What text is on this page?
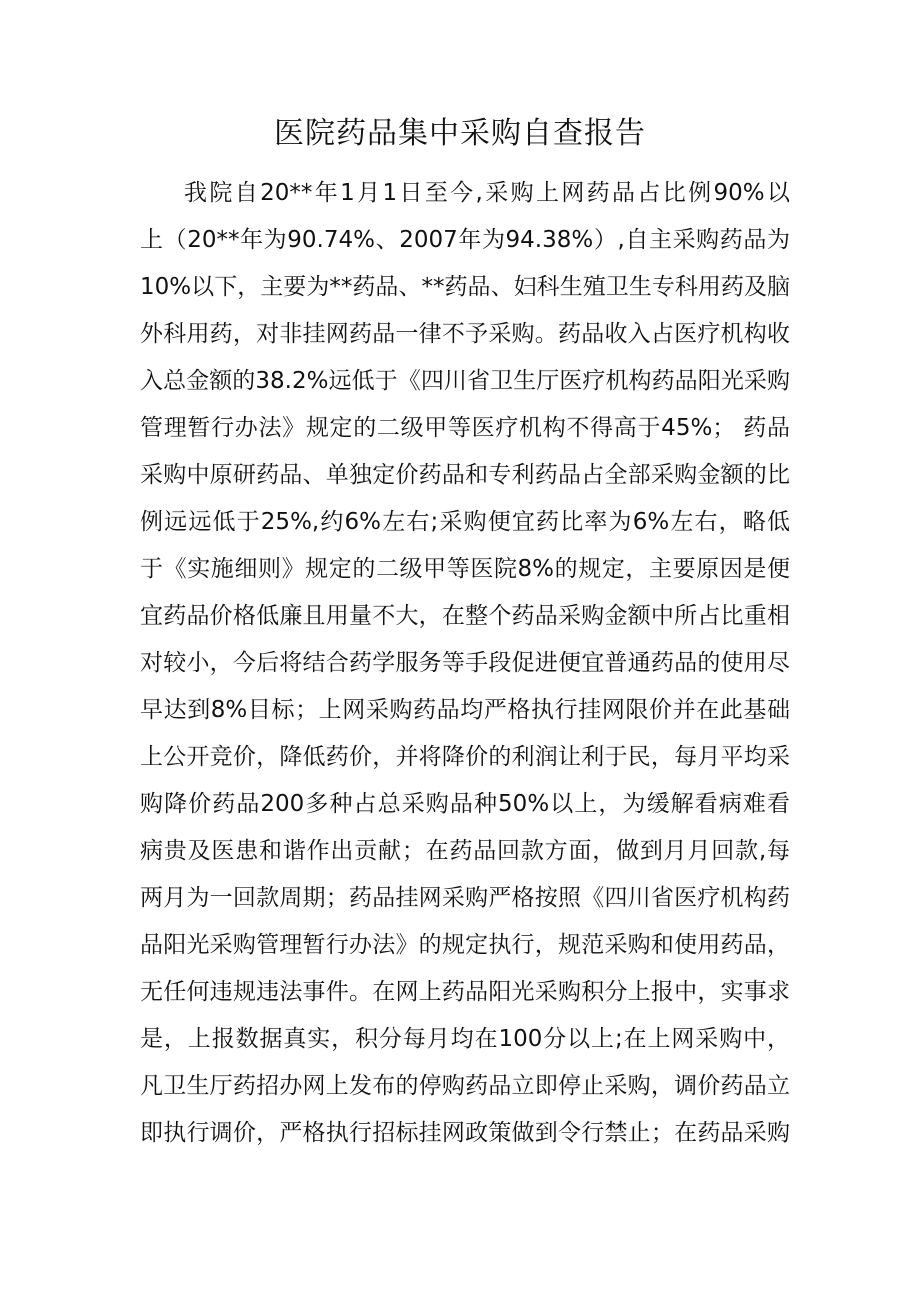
医院药品集中采购自查报告
我院自20**年1月1日至今,采购上网药品占比例90%以
上（20**年为90.74%、2007年为94.38%）,自主采购药品为
10%以下，主要为**药品、**药品、妇科生殖卫生专科用药及脑
外科用药，对非挂网药品一律不予采购。药品收入占医疗机构收
入总金额的38.2%远低于《四川省卫生厅医疗机构药品阳光采购
管理暂行办法》规定的二级甲等医疗机构不得高于45%； 药品
采购中原研药品、单独定价药品和专利药品占全部采购金额的比
例远远低于25%,约6%左右;采购便宜药比率为6%左右，略低
于《实施细则》规定的二级甲等医院8%的规定，主要原因是便
宜药品价格低廉且用量不大，在整个药品采购金额中所占比重相
对较小，今后将结合药学服务等手段促进便宜普通药品的使用尽
早达到8%目标；上网采购药品均严格执行挂网限价并在此基础
上公开竞价，降低药价，并将降价的利润让利于民，每月平均采
购降价药品200多种占总采购品种50%以上，为缓解看病难看
病贵及医患和谐作出贡献；在药品回款方面，做到月月回款,每
两月为一回款周期；药品挂网采购严格按照《四川省医疗机构药
品阳光采购管理暂行办法》的规定执行，规范采购和使用药品，
无任何违规违法事件。在网上药品阳光采购积分上报中，实事求
是，上报数据真实，积分每月均在100分以上;在上网采购中，
凡卫生厅药招办网上发布的停购药品立即停止采购，调价药品立
即执行调价，严格执行招标挂网政策做到令行禁止；在药品采购
